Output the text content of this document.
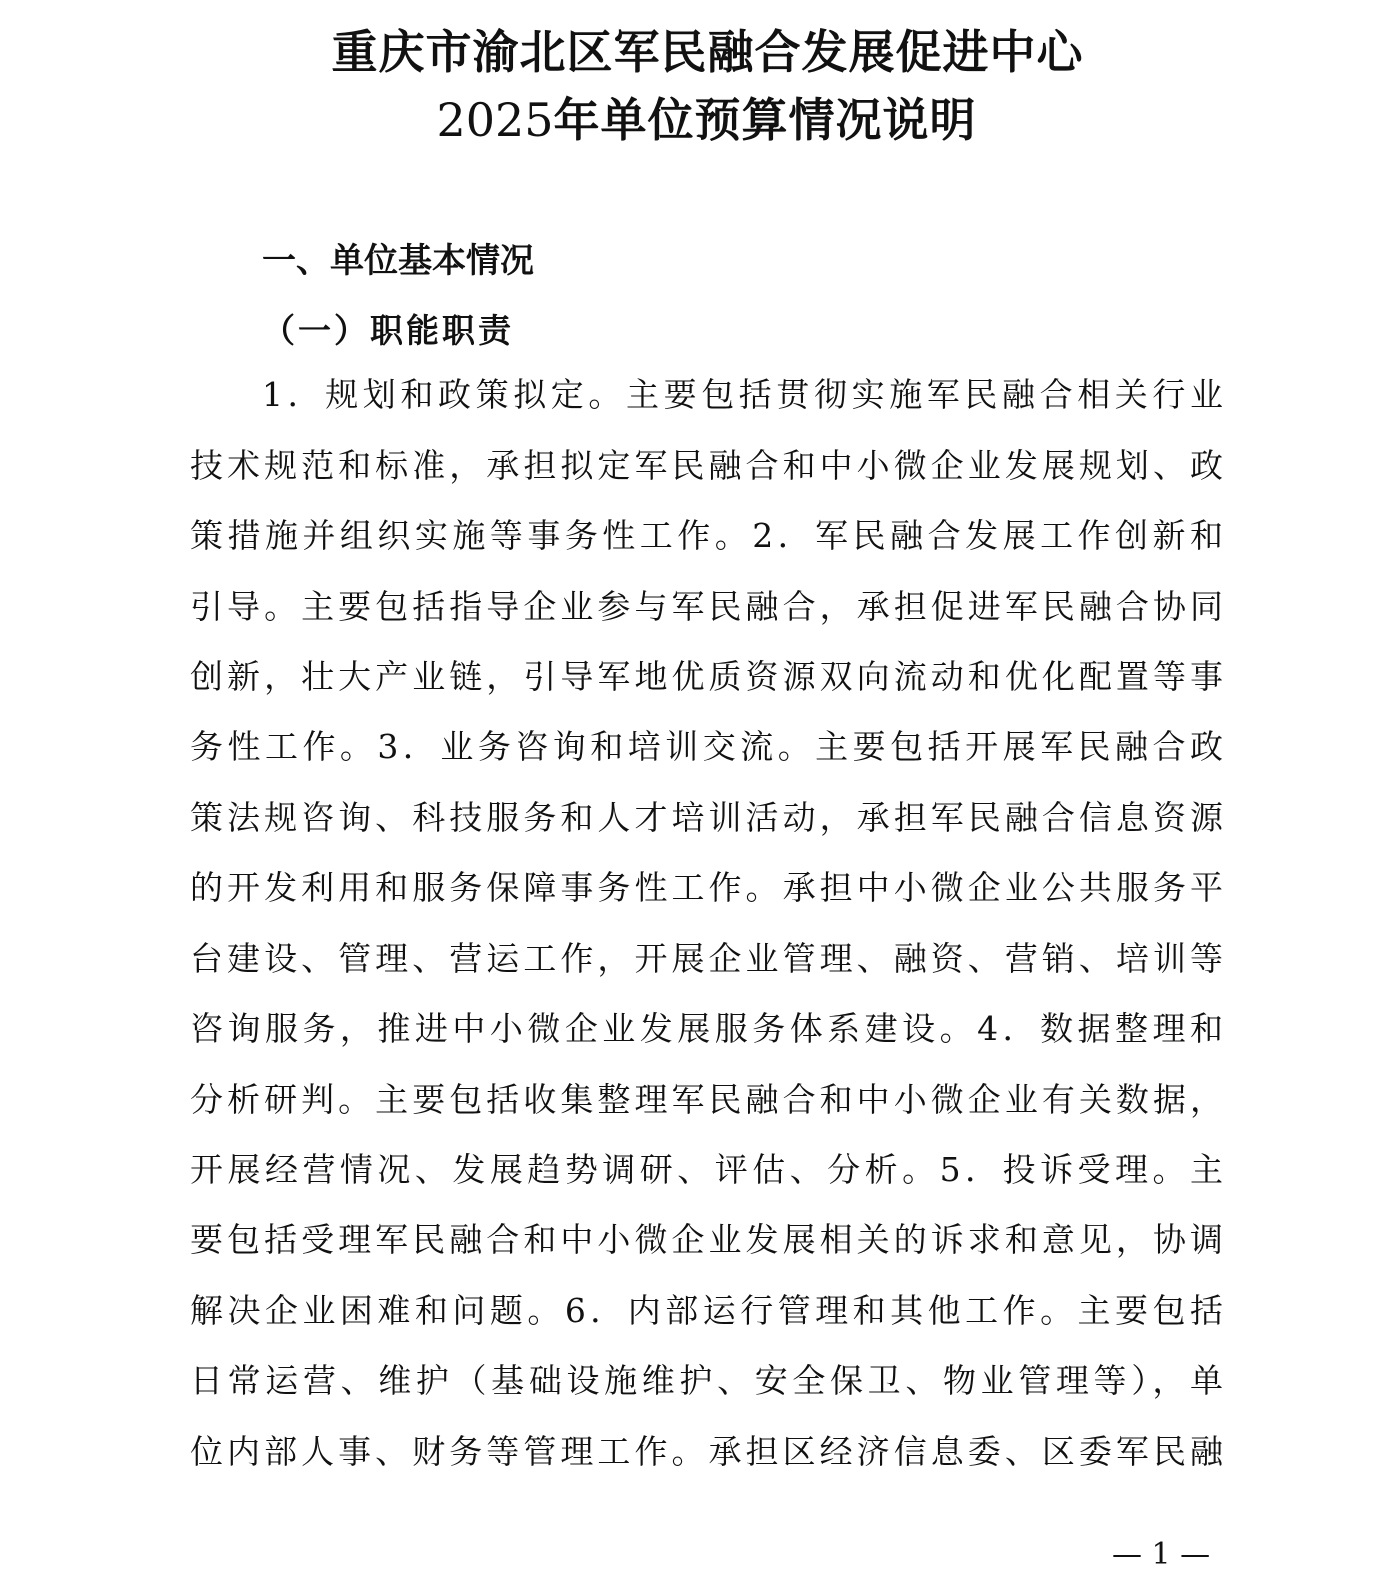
重庆市渝北区军民融合发展促进中心
2025年单位预算情况说明
一、单位基本情况
（一）职能职责

1．规划和政策拟定。主要包括贯彻实施军民融合相关行业

技术规范和标准，承担拟定军民融合和中小微企业发展规划、政

策措施并组织实施等事务性工作。2．军民融合发展工作创新和

引导。主要包括指导企业参与军民融合，承担促进军民融合协同

创新，壮大产业链，引导军地优质资源双向流动和优化配置等事

务性工作。3．业务咨询和培训交流。主要包括开展军民融合政

策法规咨询、科技服务和人才培训活动，承担军民融合信息资源

的开发利用和服务保障事务性工作。承担中小微企业公共服务平

台建设、管理、营运工作，开展企业管理、融资、营销、培训等

咨询服务，推进中小微企业发展服务体系建设。4．数据整理和

分析研判。主要包括收集整理军民融合和中小微企业有关数据，

开展经营情况、发展趋势调研、评估、分析。5．投诉受理。主

要包括受理军民融合和中小微企业发展相关的诉求和意见，协调

解决企业困难和问题。6．内部运行管理和其他工作。主要包括

日常运营、维护（基础设施维护、安全保卫、物业管理等），单

位内部人事、财务等管理工作。承担区经济信息委、区委军民融

— 1 —
